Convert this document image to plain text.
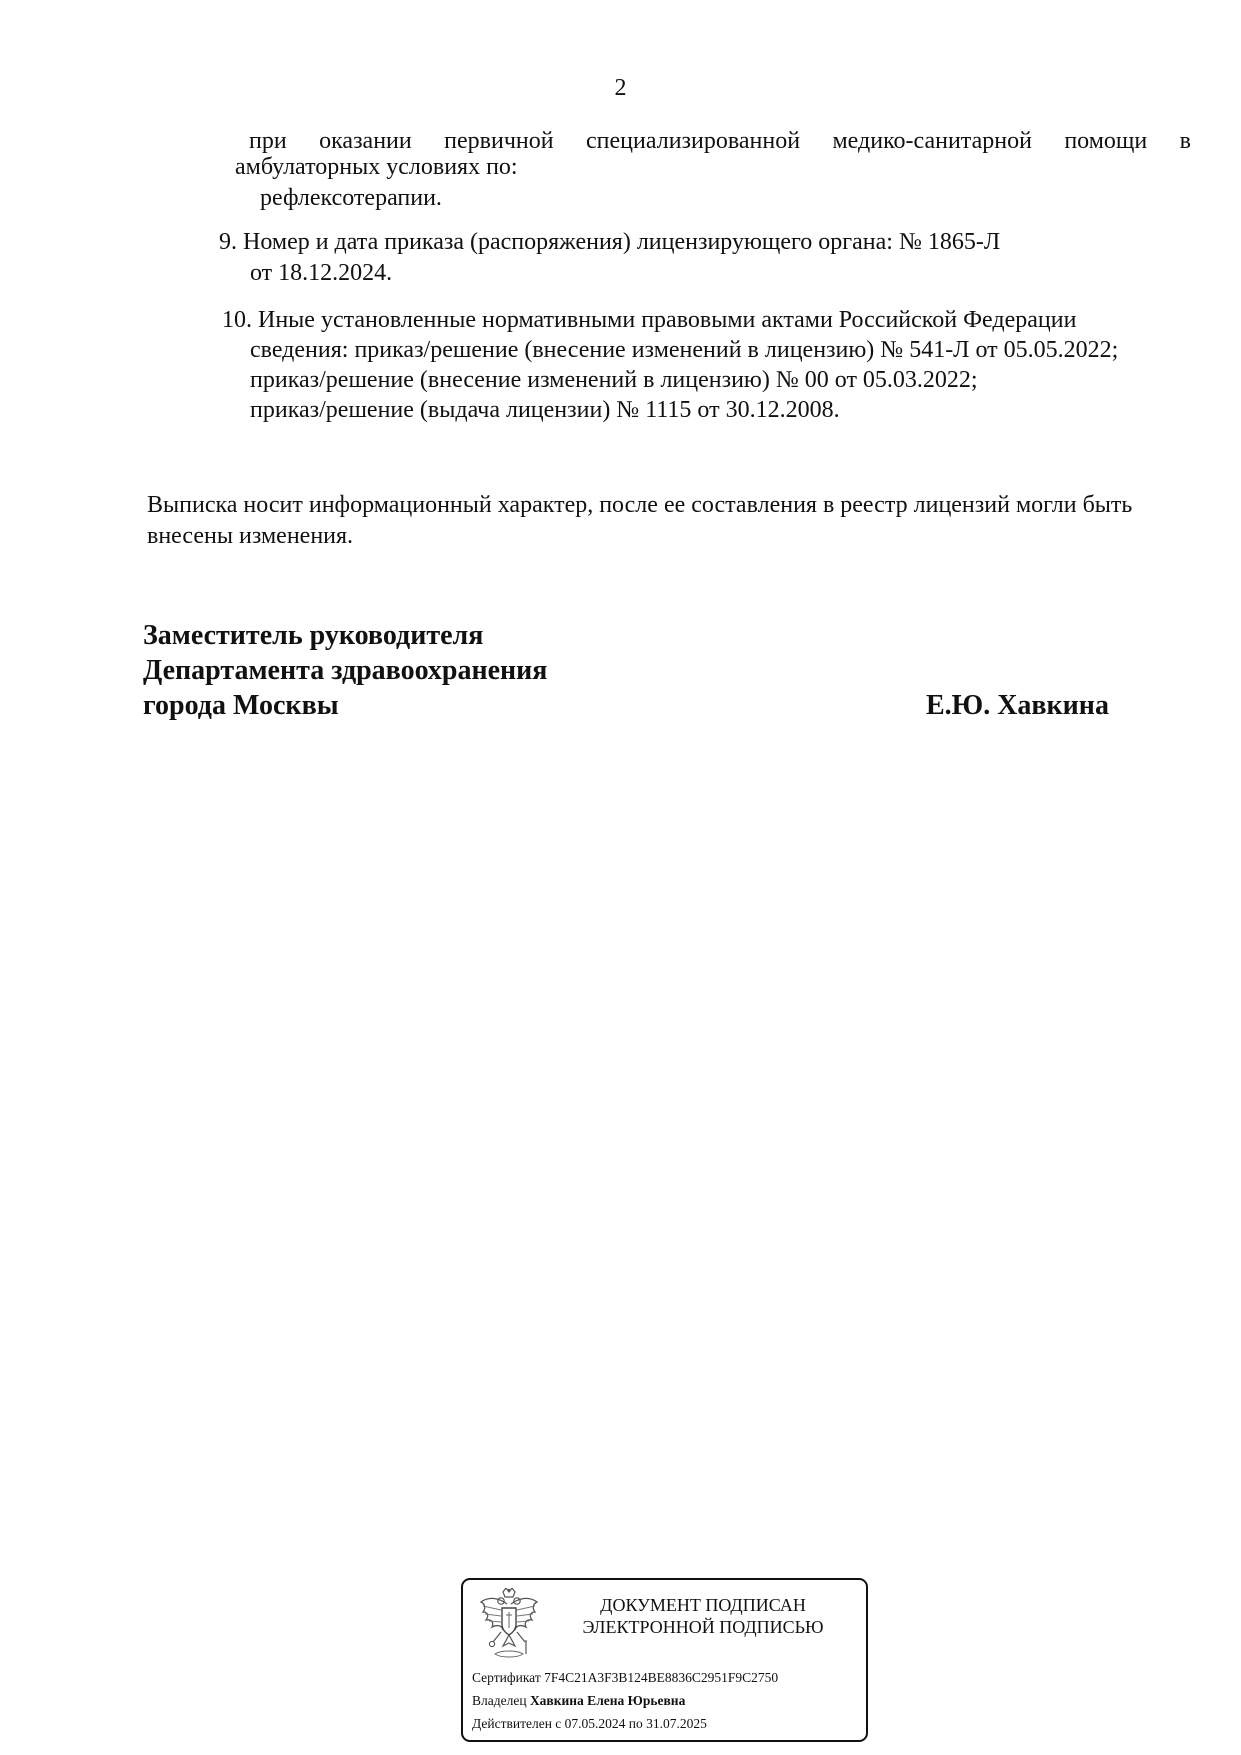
2
при оказании первичной специализированной медико-санитарной помощи в
амбулаторных условиях по:
рефлексотерапии.
9. Номер и дата приказа (распоряжения) лицензирующего органа: № 1865-Л
от 18.12.2024.
10. Иные установленные нормативными правовыми актами Российской Федерации
сведения: приказ/решение (внесение изменений в лицензию) № 541-Л от 05.05.2022;
приказ/решение (внесение изменений в лицензию) № 00 от 05.03.2022;
приказ/решение (выдача лицензии) № 1115 от 30.12.2008.
Выписка носит информационный характер, после ее составления в реестр лицензий могли быть
внесены изменения.
Заместитель руководителя
Департамента здравоохранения
города Москвы	Е.Ю. Хавкина
ДОКУМЕНТ ПОДПИСАН
ЭЛЕКТРОННОЙ ПОДПИСЬЮ
Сертификат 7F4C21A3F3B124BE8836C2951F9C2750
Владелец Хавкина Елена Юрьевна
Действителен с 07.05.2024 по 31.07.2025
